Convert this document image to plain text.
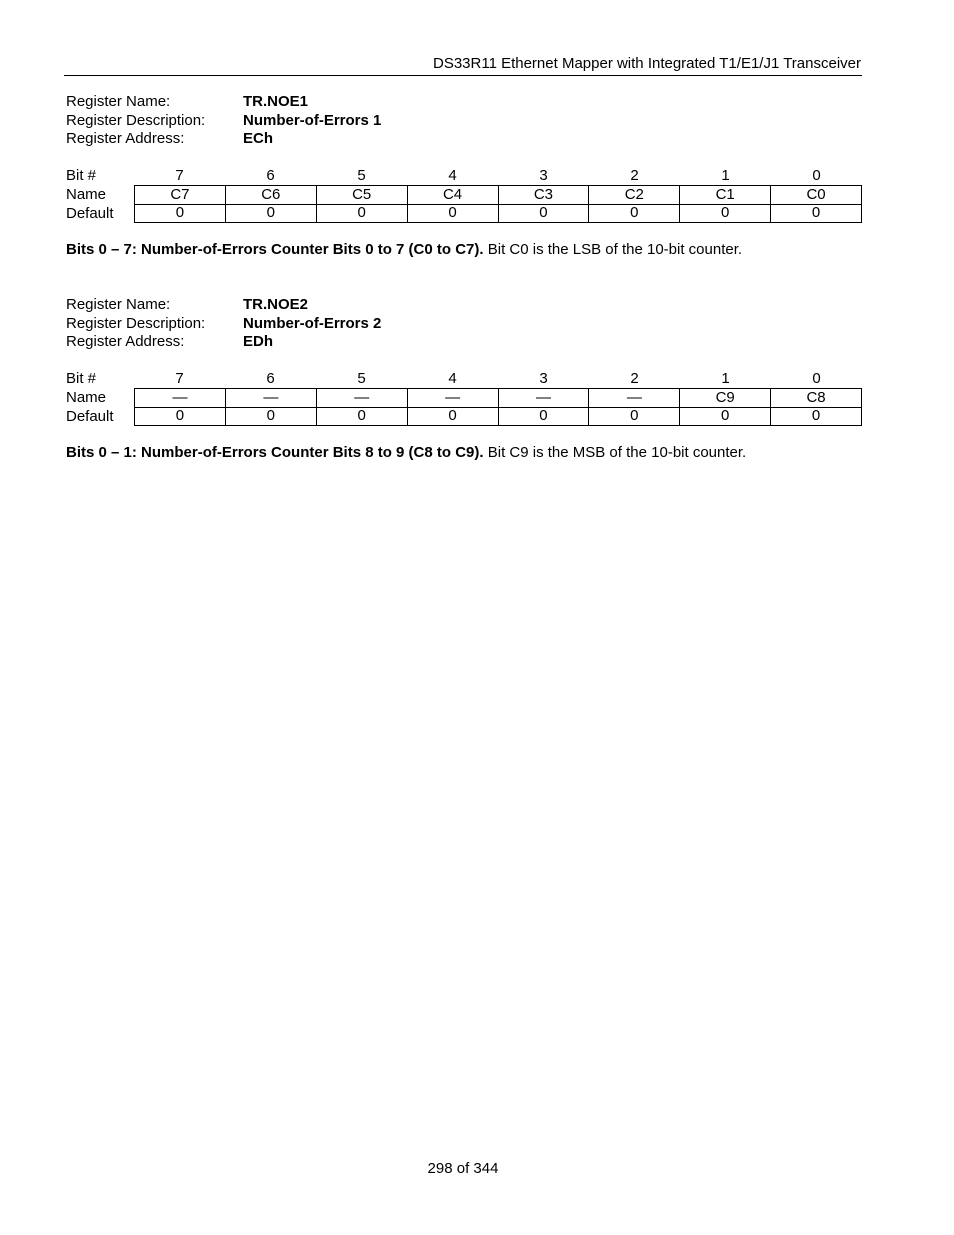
DS33R11 Ethernet Mapper with Integrated T1/E1/J1 Transceiver
Register Name:	TR.NOE1
Register Description:	Number-of-Errors 1
Register Address:	ECh
Bit #	7	6	5	4	3	2	1	0
Name	C7	C6	C5	C4	C3	C2	C1	C0
Default	0	0	0	0	0	0	0	0
Bits 0 – 7: Number-of-Errors Counter Bits 0 to 7 (C0 to C7). Bit C0 is the LSB of the 10-bit counter.
Register Name:	TR.NOE2
Register Description:	Number-of-Errors 2
Register Address:	EDh
Bit #	7	6	5	4	3	2	1	0
Name	—	—	—	—	—	—	C9	C8
Default	0	0	0	0	0	0	0	0
Bits 0 – 1: Number-of-Errors Counter Bits 8 to 9 (C8 to C9). Bit C9 is the MSB of the 10-bit counter.
298 of 344
